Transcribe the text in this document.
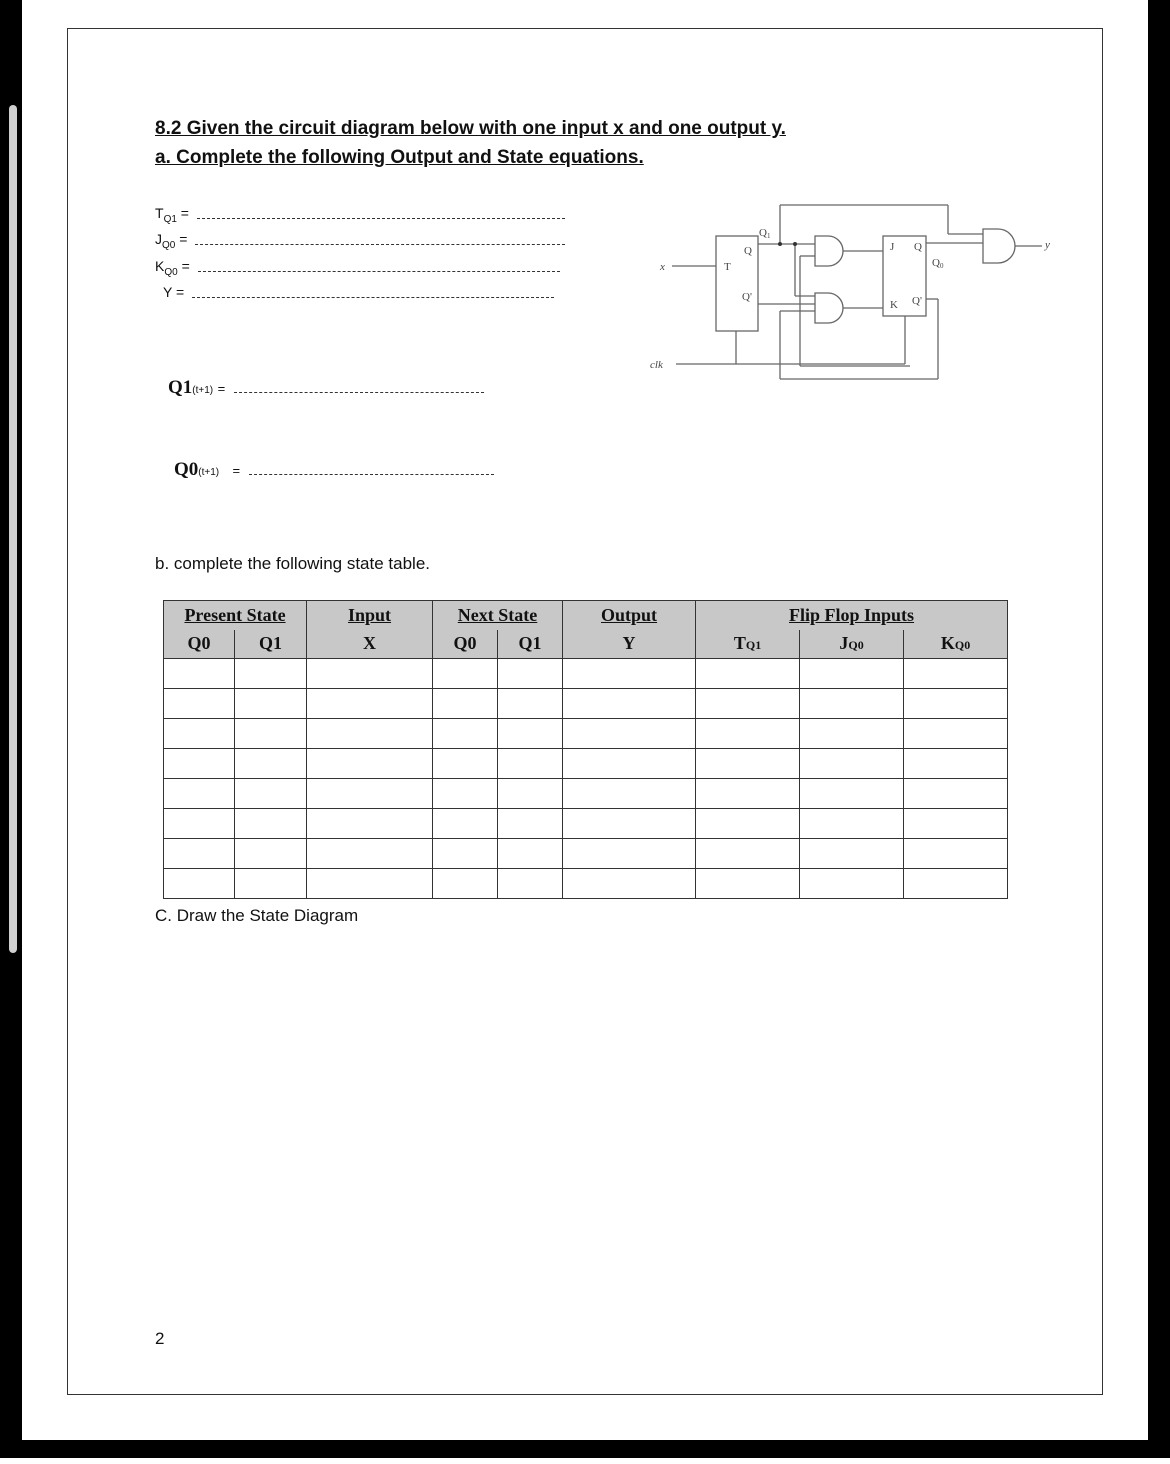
8.2 Given the circuit diagram below with one input x and one output y.
a. Complete the following Output and State equations.
$T_{Q1}$ =
$J_{Q0}$ =
$K_{Q0}$ =
Y =
Q1(t+1) =
Q0(t+1) =
x	T
Q
Q'
Q1
J Q
K Q'
Q0
y
clk
b. complete the following state table.
Present State		Input	Next State		Output	Flip Flop Inputs		
Q0	Q1	X	Q0	Q1	Y	TQ1	JQ0	KQ0

C. Draw the State Diagram
2
